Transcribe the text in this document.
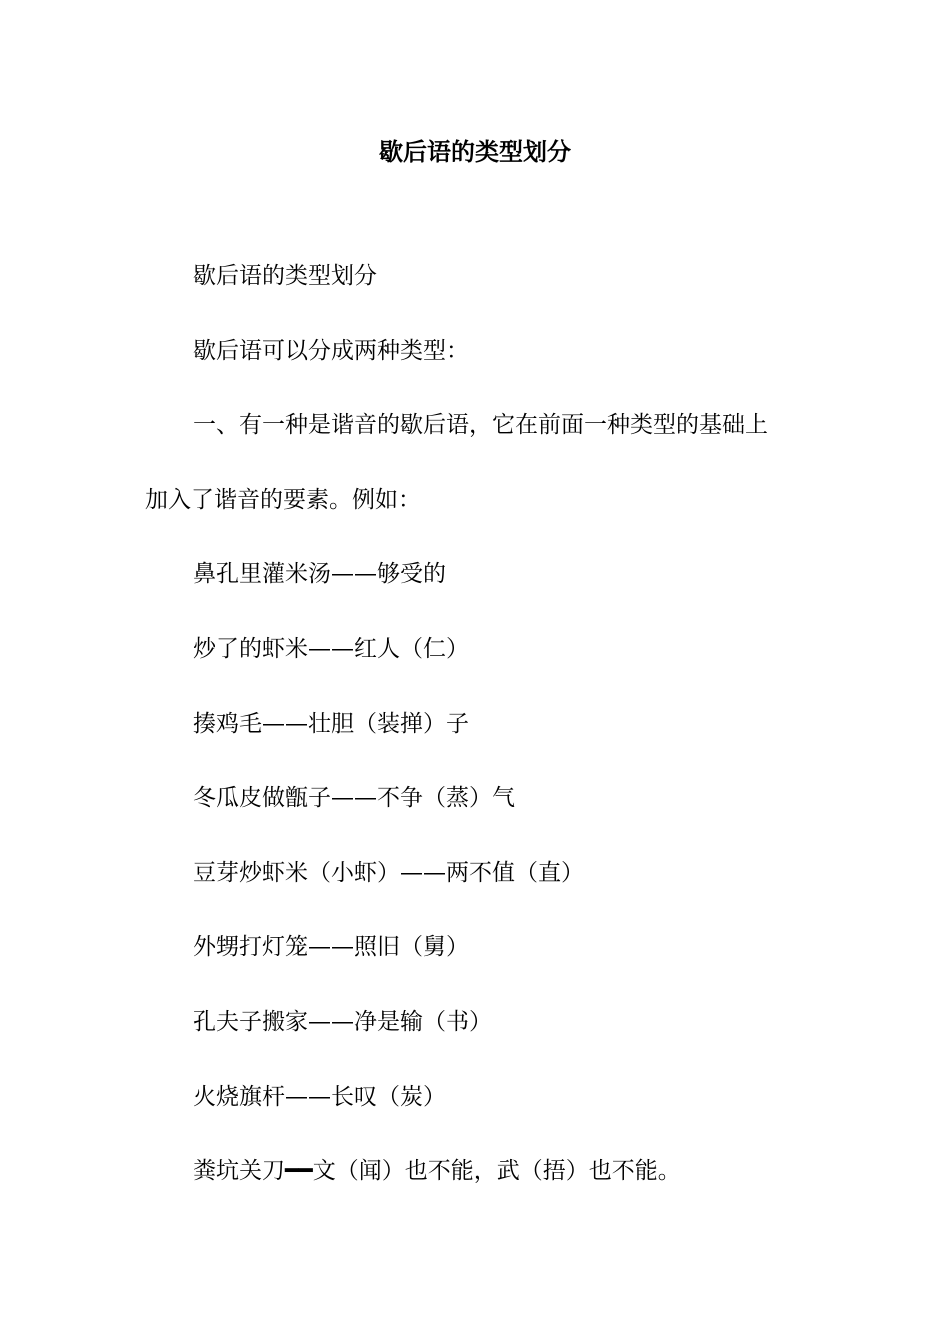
歇后语的类型划分
歇后语的类型划分
歇后语可以分成两种类型：
一、有一种是谐音的歇后语，它在前面一种类型的基础上
加入了谐音的要素。例如：
鼻孔里灌米汤——够受的
炒了的虾米——红人（仁）
揍鸡毛——壮胆（装掸）子
冬瓜皮做甑子——不争（蒸）气
豆芽炒虾米（小虾）——两不值（直）
外甥打灯笼——照旧（舅）
孔夫子搬家——净是输（书）
火烧旗杆——长叹（炭）
粪坑关刀━━文（闻）也不能，武（捂）也不能。
